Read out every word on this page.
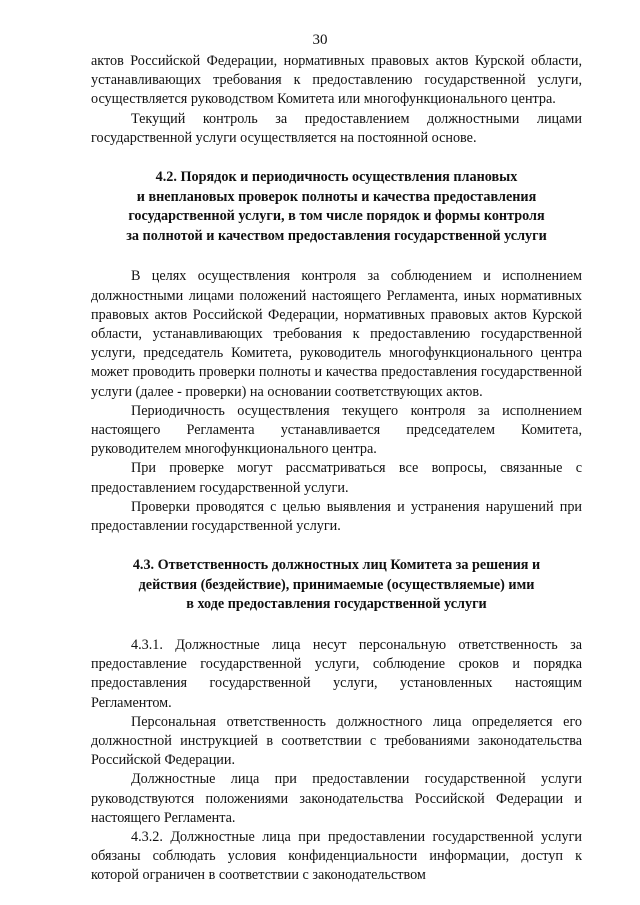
30

актов Российской Федерации, нормативных правовых актов Курской области, устанавливающих требования к предоставлению государственной услуги, осуществляется руководством Комитета или многофункционального центра.

Текущий контроль за предоставлением должностными лицами государственной услуги осуществляется на постоянной основе.

4.2. Порядок и периодичность осуществления плановых
и внеплановых проверок полноты и качества предоставления
государственной услуги, в том числе порядок и формы контроля
за полнотой и качеством предоставления государственной услуги

В целях осуществления контроля за соблюдением и исполнением должностными лицами положений настоящего Регламента, иных нормативных правовых актов Российской Федерации, нормативных правовых актов Курской области, устанавливающих требования к предоставлению государственной услуги, председатель Комитета, руководитель многофункционального центра может проводить проверки полноты и качества предоставления государственной услуги (далее - проверки) на основании соответствующих актов.

Периодичность осуществления текущего контроля за исполнением настоящего Регламента устанавливается председателем Комитета, руководителем многофункционального центра.

При проверке могут рассматриваться все вопросы, связанные с предоставлением государственной услуги.

Проверки проводятся с целью выявления и устранения нарушений при предоставлении государственной услуги.

4.3. Ответственность должностных лиц Комитета за решения и
действия (бездействие), принимаемые (осуществляемые) ими
в ходе предоставления государственной услуги

4.3.1. Должностные лица несут персональную ответственность за предоставление государственной услуги, соблюдение сроков и порядка предоставления государственной услуги, установленных настоящим Регламентом.

Персональная ответственность должностного лица определяется его должностной инструкцией в соответствии с требованиями законодательства Российской Федерации.

Должностные лица при предоставлении государственной услуги руководствуются положениями законодательства Российской Федерации и настоящего Регламента.

4.3.2. Должностные лица при предоставлении государственной услуги обязаны соблюдать условия конфиденциальности информации, доступ к которой ограничен в соответствии с законодательством
